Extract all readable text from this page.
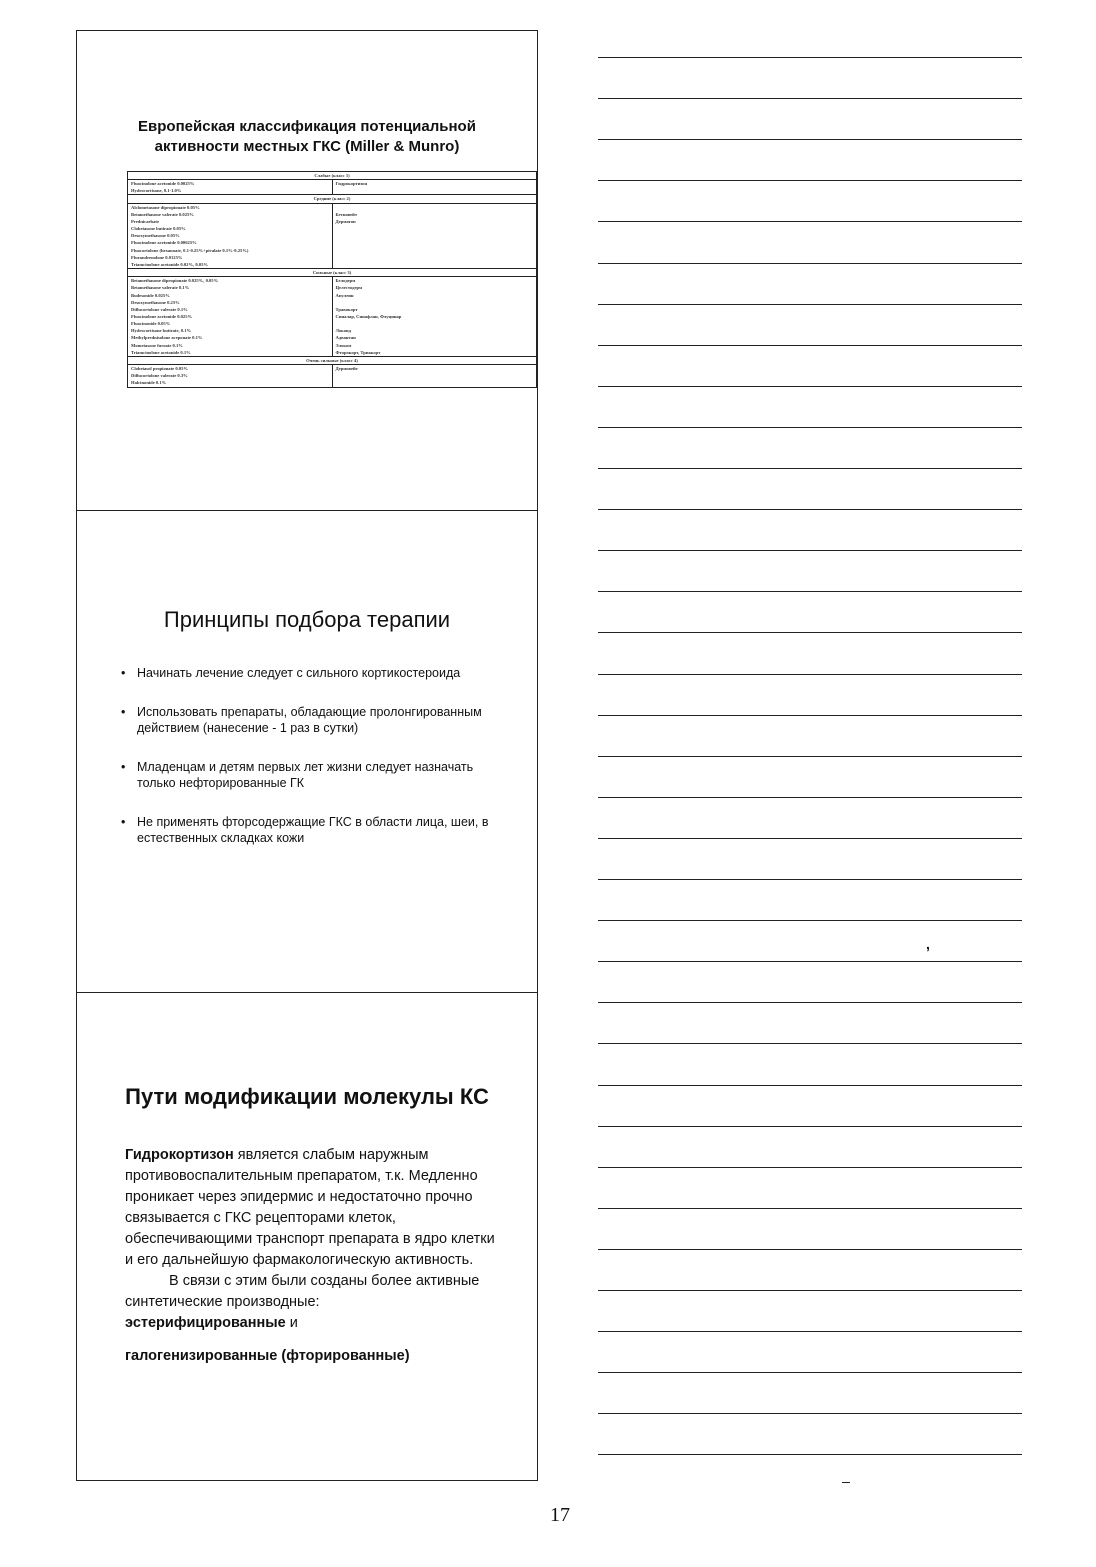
Европейская классификация потенциальной активности местных ГКС (Miller & Munro)
Слабые (класс 1)	
Fluocinolone acetonide 0.0025%	Гидрокортизон
Hydrocortisone, 0.1-1.0%	
Средние (класс 2)	
Alclometasone dipropionate 0.05%	
Betamethasone valerate 0.025%	Бетновейт
Prednicarbate	Дерматоп
Clobetasone butirate 0.05%	
Desoxymethasone 0.05%	
Fluocinolone acetonide 0.00625%	
Fluocortolone (hexanoate, 0.1-0.25%+pivalate 0.1%-0.25%)	
Flurandrenolone 0.0125%	
Triamcinolone acetonide 0.02%, 0.05%	
Сильные (класс 3)	
Betamethasone dipropionate 0.025%, 0.05%	Белодерм
Betamethasone valerate 0.1%	Целестодерм
Budesonide 0.025%	Апулеин
Desoxymethasone 0.25%	
Diflucortolone valerate 0.1%	Травокорт
Fluocinolone acetonide 0.025%	Синалар, Синафлан, Флуцинар
Fluocinonide 0.05%	
Hydrocortisone butirate, 0.1%	Локоид
Methylprednisolone aceponate 0.1%	Адвантан
Mometasone furoate 0.1%	Элоком
Triamcinolone acetonide 0.1%	Фторокорт, Триакорт
Очень сильные (класс 4)	
Clobetasol propionate 0.05%	Дермовейт
Diflucortolone valerate 0.3%	
Halcinonide 0.1%	
Принципы подбора терапии
• Начинать лечение следует с сильного кортикостероида
• Использовать препараты, обладающие пролонгированным действием (нанесение - 1 раз в сутки)
• Младенцам и детям первых лет жизни следует назначать только нефторированные ГК
• Не применять фторсодержащие ГКС в области лица, шеи, в естественных складках кожи
Пути модификации молекулы КС

Гидрокортизон является слабым наружным противовоспалительным препаратом, т.к. Медленно проникает через эпидермис и недостаточно прочно связывается с ГКС рецепторами клеток, обеспечивающими транспорт препарата в ядро клетки и его дальнейшую фармакологическую активность.

В связи с этим были созданы более активные синтетические производные:

эстерифицированные и

галогенизированные (фторированные)

,
17
